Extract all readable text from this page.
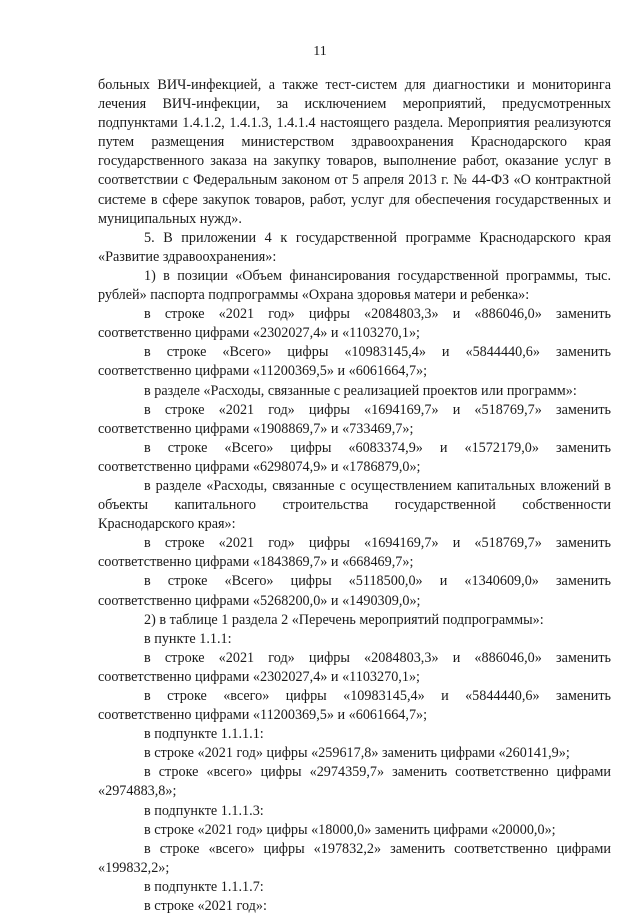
11

больных ВИЧ-инфекцией, а также тест-систем для диагностики и мониторинга лечения ВИЧ-инфекции, за исключением мероприятий, предусмотренных подпунктами 1.4.1.2, 1.4.1.3, 1.4.1.4 настоящего раздела. Мероприятия реализуются путем размещения министерством здравоохранения Краснодарского края государственного заказа на закупку товаров, выполнение работ, оказание услуг в соответствии с Федеральным законом от 5 апреля 2013 г. № 44-ФЗ «О контрактной системе в сфере закупок товаров, работ, услуг для обеспечения государственных и муниципальных нужд».

5. В приложении 4 к государственной программе Краснодарского края «Развитие здравоохранения»:

1) в позиции «Объем финансирования государственной программы, тыс. рублей» паспорта подпрограммы «Охрана здоровья матери и ребенка»:

в строке «2021 год» цифры «2084803,3» и «886046,0» заменить соответственно цифрами «2302027,4» и «1103270,1»;

в строке «Всего» цифры «10983145,4» и «5844440,6» заменить соответственно цифрами «11200369,5» и «6061664,7»;

в разделе «Расходы, связанные с реализацией проектов или программ»:

в строке «2021 год» цифры «1694169,7» и «518769,7» заменить соответственно цифрами «1908869,7» и «733469,7»;

в строке «Всего» цифры «6083374,9» и «1572179,0» заменить соответственно цифрами «6298074,9» и «1786879,0»;

в разделе «Расходы, связанные с осуществлением капитальных вложений в объекты капитального строительства государственной собственности Краснодарского края»:

в строке «2021 год» цифры «1694169,7» и «518769,7» заменить соответственно цифрами «1843869,7» и «668469,7»;

в строке «Всего» цифры «5118500,0» и «1340609,0» заменить соответственно цифрами «5268200,0» и «1490309,0»;

2) в таблице 1 раздела 2 «Перечень мероприятий подпрограммы»:

в пункте 1.1.1:

в строке «2021 год» цифры «2084803,3» и «886046,0» заменить соответственно цифрами «2302027,4» и «1103270,1»;

в строке «всего» цифры «10983145,4» и «5844440,6» заменить соответственно цифрами «11200369,5» и «6061664,7»;

в подпункте 1.1.1.1:

в строке «2021 год» цифры «259617,8» заменить цифрами «260141,9»;

в строке «всего» цифры «2974359,7» заменить соответственно цифрами «2974883,8»;

в подпункте 1.1.1.3:

в строке «2021 год» цифры «18000,0» заменить цифрами «20000,0»;

в строке «всего» цифры «197832,2» заменить соответственно цифрами «199832,2»;

в подпункте 1.1.1.7:

в строке «2021 год»:
